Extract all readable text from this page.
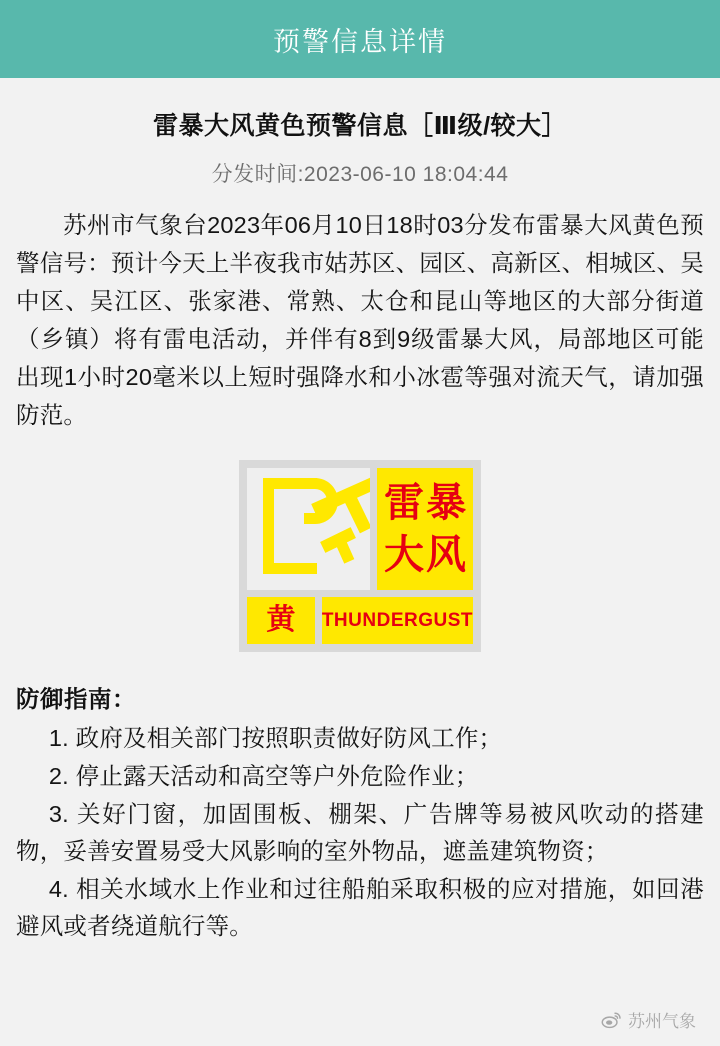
预警信息详情
雷暴大风黄色预警信息［Ⅲ级/较大］
分发时间:2023-06-10 18:04:44
苏州市气象台2023年06月10日18时03分发布雷暴大风黄色预警信号：预计今天上半夜我市姑苏区、园区、高新区、相城区、吴中区、吴江区、张家港、常熟、太仓和昆山等地区的大部分街道（乡镇）将有雷电活动，并伴有8到9级雷暴大风，局部地区可能出现1小时20毫米以上短时强降水和小冰雹等强对流天气，请加强防范。
雷 暴
大 风
黄 THUNDERGUST
防御指南：
1. 政府及相关部门按照职责做好防风工作；
2. 停止露天活动和高空等户外危险作业；
3. 关好门窗，加固围板、棚架、广告牌等易被风吹动的搭建物，妥善安置易受大风影响的室外物品，遮盖建筑物资；
4. 相关水域水上作业和过往船舶采取积极的应对措施，如回港避风或者绕道航行等。
苏州气象
